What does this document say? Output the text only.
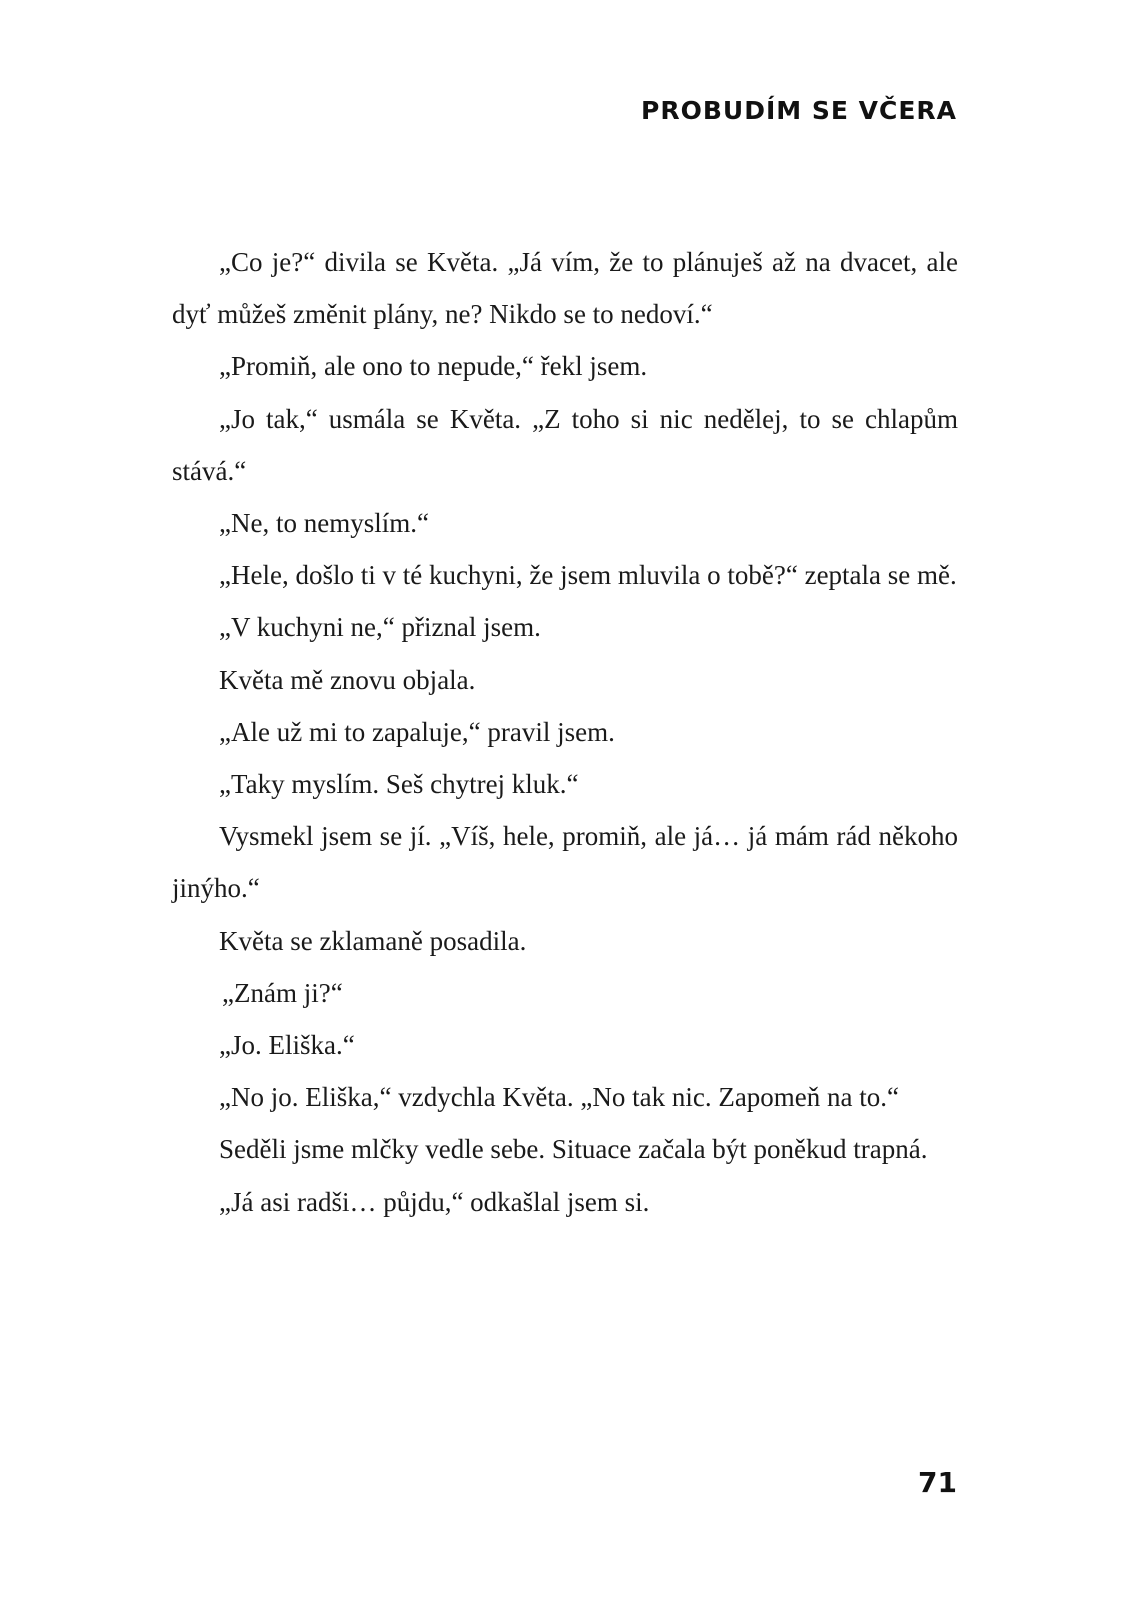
PROBUDÍM SE VČERA

„Co je?“ divila se Květa. „Já vím, že to plánuješ až na dvacet, ale dyť můžeš změnit plány, ne? Nikdo se to nedoví.“

„Promiň, ale ono to nepude,“ řekl jsem.

„Jo tak,“ usmála se Květa. „Z toho si nic nedělej, to se chlapům stává.“

„Ne, to nemyslím.“

„Hele, došlo ti v té kuchyni, že jsem mluvila o tobě?“ zeptala se mě.

„V kuchyni ne,“ přiznal jsem.

Květa mě znovu objala.

„Ale už mi to zapaluje,“ pravil jsem.

„Taky myslím. Seš chytrej kluk.“

Vysmekl jsem se jí. „Víš, hele, promiň, ale já… já mám rád někoho jinýho.“

Květa se zklamaně posadila.

„Znám ji?“

„Jo. Eliška.“

„No jo. Eliška,“ vzdychla Květa. „No tak nic. Zapomeň na to.“

Seděli jsme mlčky vedle sebe. Situace začala být poněkud trapná.

„Já asi radši… půjdu,“ odkašlal jsem si.

71
